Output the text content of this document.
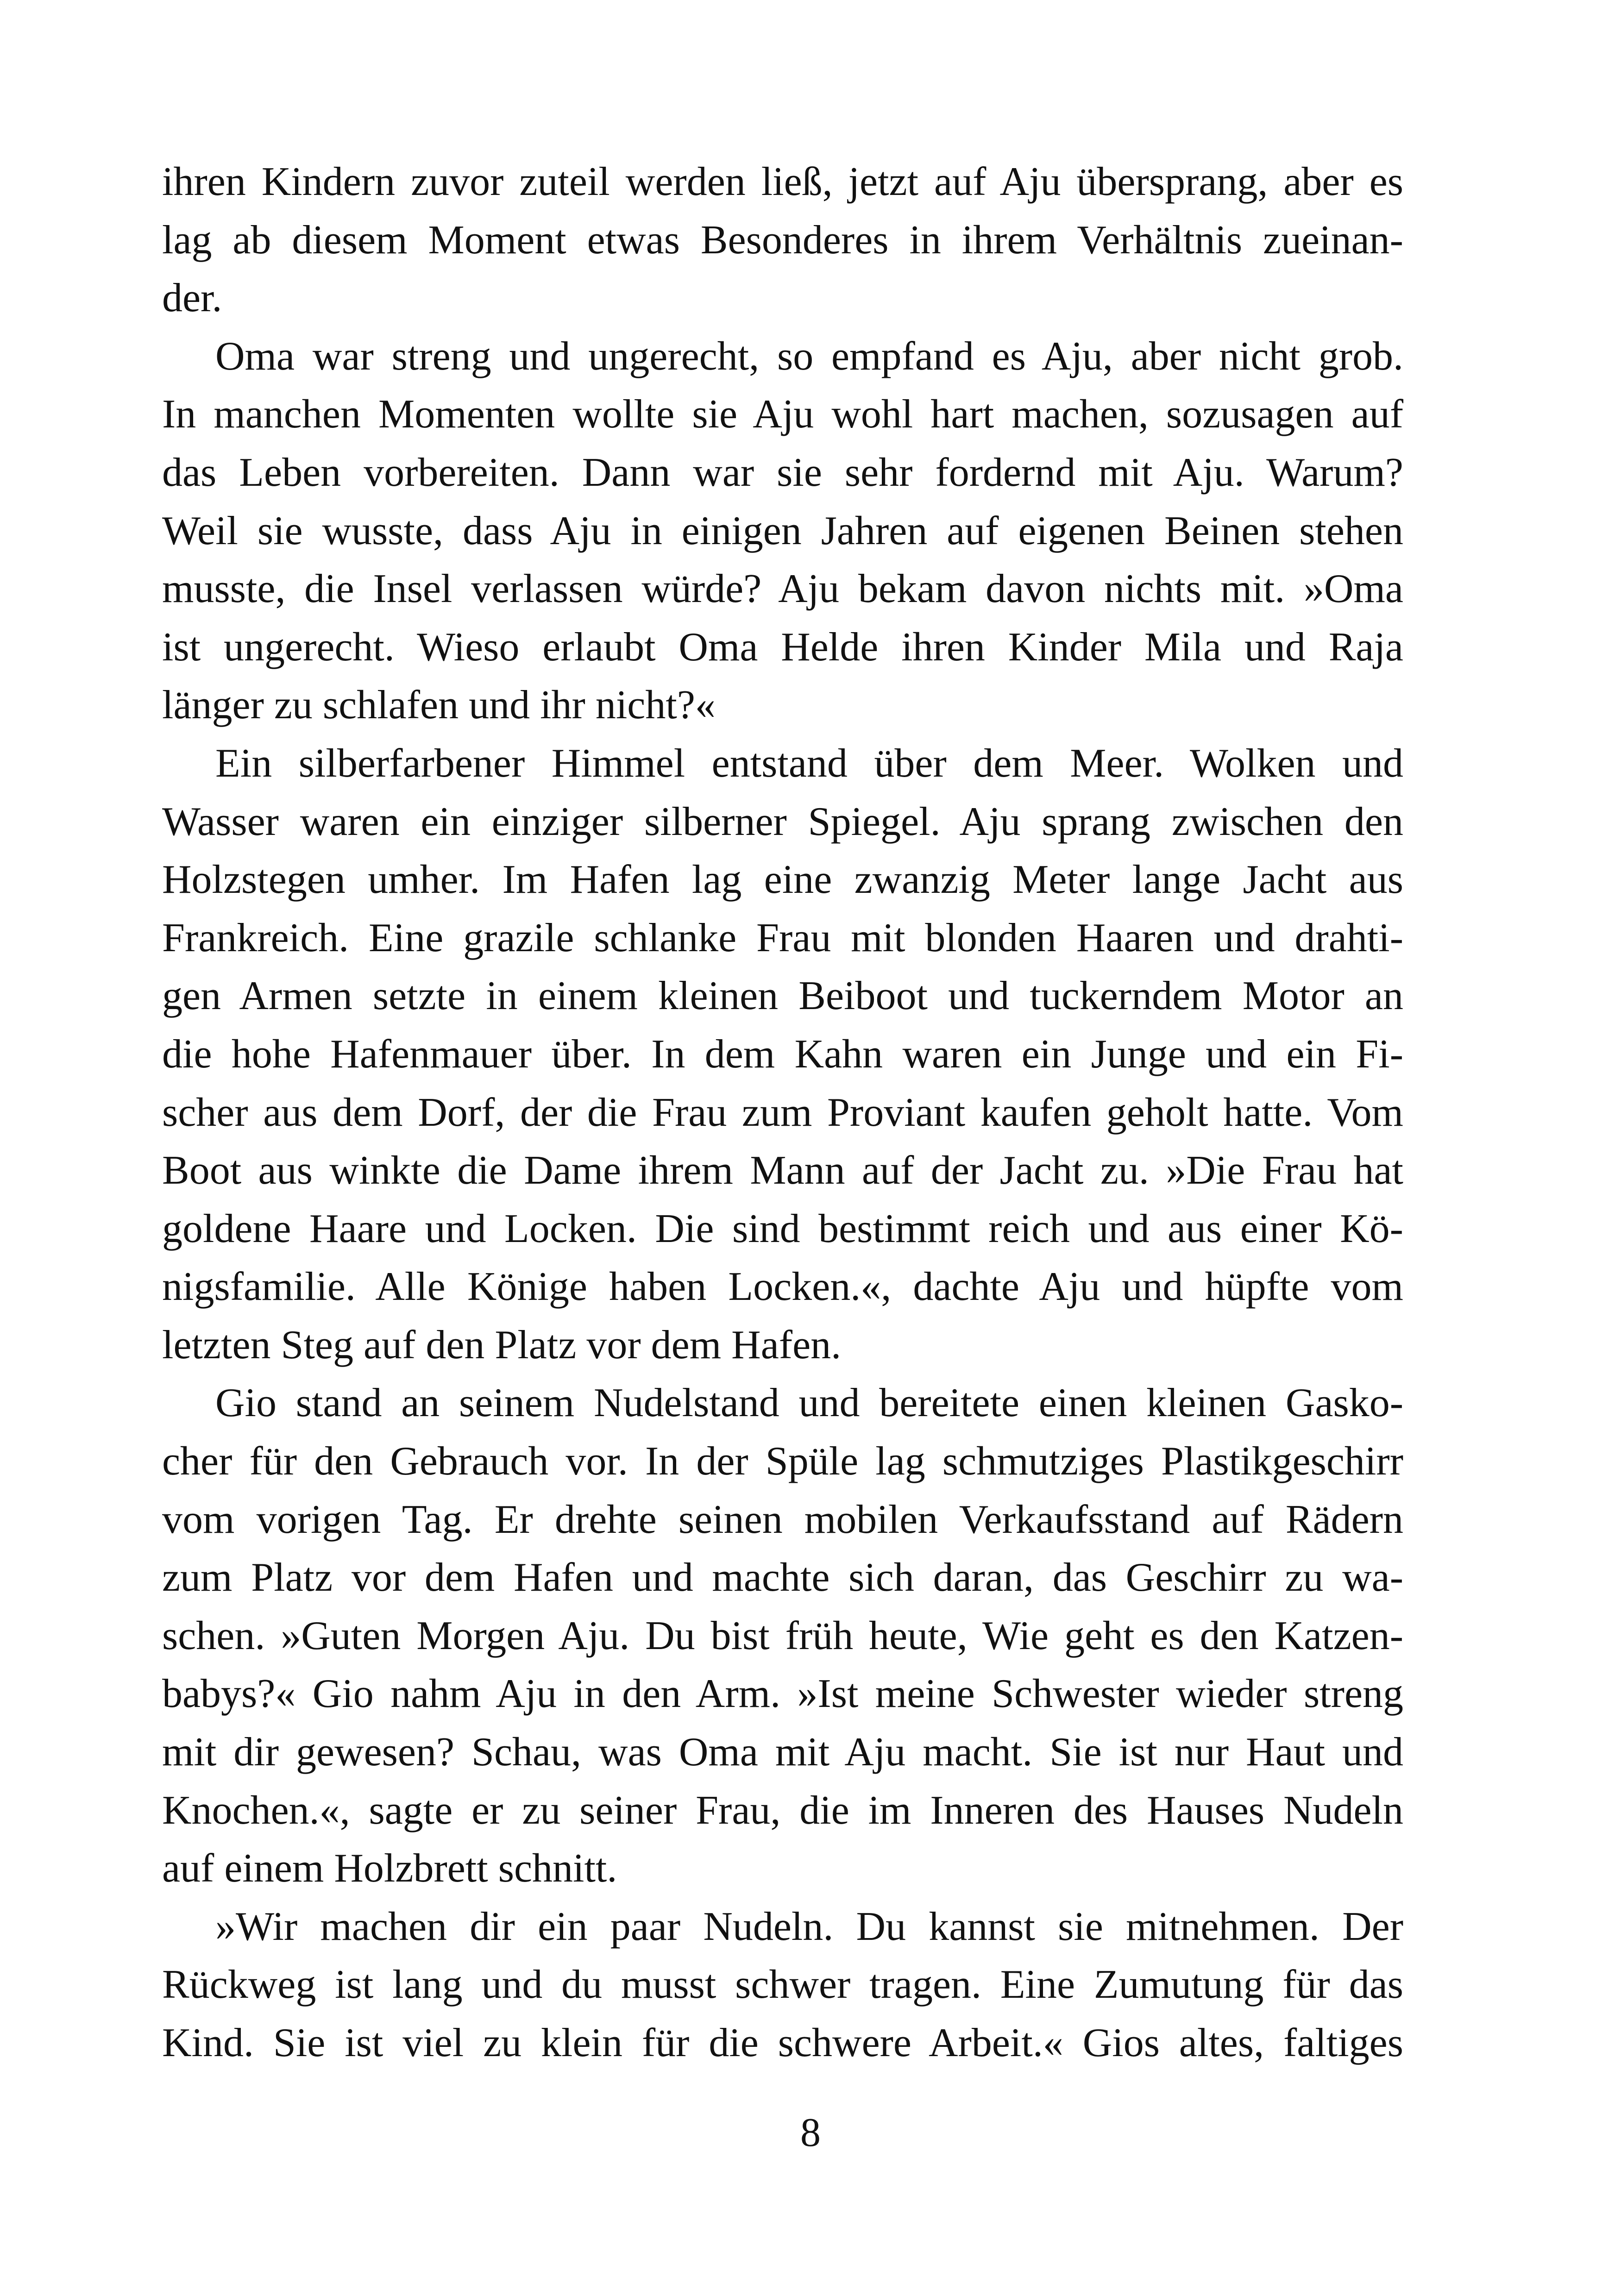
ihren Kindern zuvor zuteil werden ließ, jetzt auf Aju übersprang, aber es
lag ab diesem Moment etwas Besonderes in ihrem Verhältnis zueinan-
der.
Oma war streng und ungerecht, so empfand es Aju, aber nicht grob.
In manchen Momenten wollte sie Aju wohl hart machen, sozusagen auf
das Leben vorbereiten. Dann war sie sehr fordernd mit Aju. Warum?
Weil sie wusste, dass Aju in einigen Jahren auf eigenen Beinen stehen
musste, die Insel verlassen würde? Aju bekam davon nichts mit. »Oma
ist ungerecht. Wieso erlaubt Oma Helde ihren Kinder Mila und Raja
länger zu schlafen und ihr nicht?«
Ein silberfarbener Himmel entstand über dem Meer. Wolken und
Wasser waren ein einziger silberner Spiegel. Aju sprang zwischen den
Holzstegen umher. Im Hafen lag eine zwanzig Meter lange Jacht aus
Frankreich. Eine grazile schlanke Frau mit blonden Haaren und drahti-
gen Armen setzte in einem kleinen Beiboot und tuckerndem Motor an
die hohe Hafenmauer über. In dem Kahn waren ein Junge und ein Fi-
scher aus dem Dorf, der die Frau zum Proviant kaufen geholt hatte. Vom
Boot aus winkte die Dame ihrem Mann auf der Jacht zu. »Die Frau hat
goldene Haare und Locken. Die sind bestimmt reich und aus einer Kö-
nigsfamilie. Alle Könige haben Locken.«, dachte Aju und hüpfte vom
letzten Steg auf den Platz vor dem Hafen.
Gio stand an seinem Nudelstand und bereitete einen kleinen Gasko-
cher für den Gebrauch vor. In der Spüle lag schmutziges Plastikgeschirr
vom vorigen Tag. Er drehte seinen mobilen Verkaufsstand auf Rädern
zum Platz vor dem Hafen und machte sich daran, das Geschirr zu wa-
schen. »Guten Morgen Aju. Du bist früh heute, Wie geht es den Katzen-
babys?« Gio nahm Aju in den Arm. »Ist meine Schwester wieder streng
mit dir gewesen? Schau, was Oma mit Aju macht. Sie ist nur Haut und
Knochen.«, sagte er zu seiner Frau, die im Inneren des Hauses Nudeln
auf einem Holzbrett schnitt.
»Wir machen dir ein paar Nudeln. Du kannst sie mitnehmen. Der
Rückweg ist lang und du musst schwer tragen. Eine Zumutung für das
Kind. Sie ist viel zu klein für die schwere Arbeit.« Gios altes, faltiges
8
